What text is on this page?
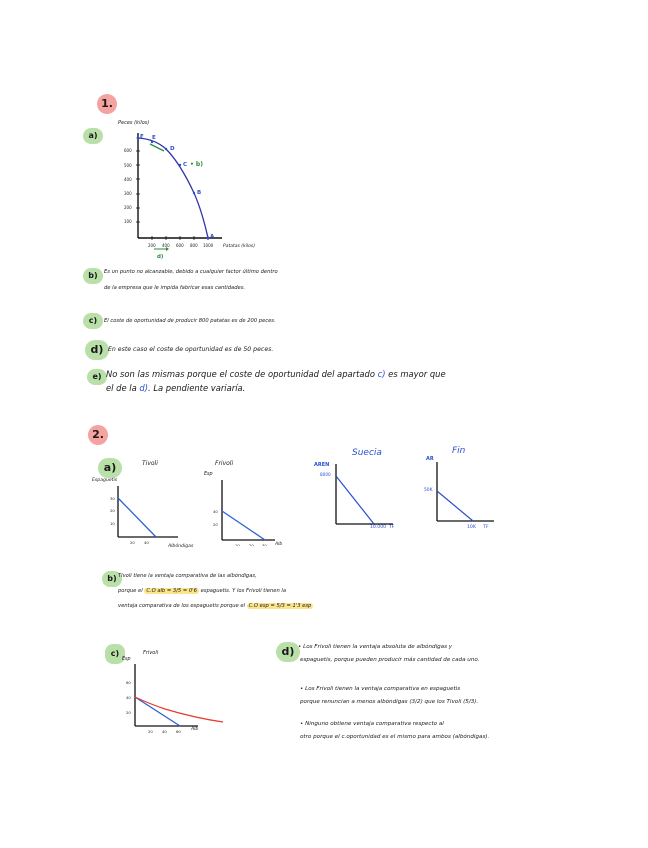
1.
a)
Peces (kilos)
600
500
400
300
200
100
200 400 600 800 1000
F E
D
C
B
A
• b)
d)
Patatas (kilos)
b)	Es un punto no alcanzable, debido a cualquier factor último dentro
de la empresa que le impida fabricar esas cantidades.
c)	El coste de oportunidad de producir 800 patatas es de 200 peces.
d) En este caso el coste de oportunidad es de 50 peces.
e) No son las mismas porque el coste de oportunidad del apartado c) es mayor que
el de la d). La pendiente variaría.
2.
a)	Tivoli
Espaguetis
30
20
10
20 40
Albóndigas
Frivoli
Esp
40
20
10 20 30 Alb
Suecia
AREN
8000
10.000 TF
Fin
AR
50K
10K TF
b) Tivoli tiene la ventaja comparativa de las albóndigas,
porque el C.O alb = 3/5 = 0'6 espaguetis. Y los Frivoli tienen la
ventaja comparativa de los espaguetis porque el C.O esp = 5/3 = 1'3 esp
c)	Frivoli
Esp
60
40
20
20 40 60 Alb
d) • Los Frivoli tienen la ventaja absoluta de albóndigas y
espaguetis, porque pueden producir más cantidad de cada uno.
• Los Frivoli tienen la ventaja comparativa en espaguetis
porque renuncian a menos albóndigas (3/2) que los Tivoli (5/3).
• Ninguno obtiene ventaja comparativa respecto al
otro porque el c.oportunidad es el mismo para ambos (albóndigas).
